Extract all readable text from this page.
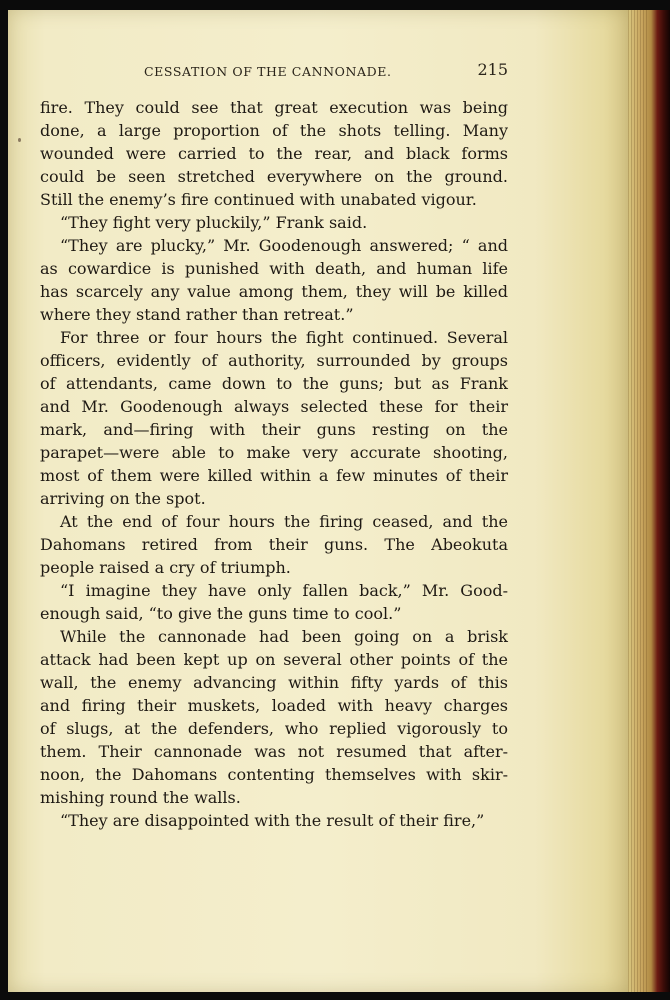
CESSATION OF THE CANNONADE.	215
fire. They could see that great execution was being
done, a large proportion of the shots telling. Many
wounded were carried to the rear, and black forms
could be seen stretched everywhere on the ground.
Still the enemy’s fire continued with unabated vigour.
“They fight very pluckily,” Frank said.
“They are plucky,” Mr. Goodenough answered; “ and
as cowardice is punished with death, and human life
has scarcely any value among them, they will be killed
where they stand rather than retreat.”
For three or four hours the fight continued. Several
officers, evidently of authority, surrounded by groups
of attendants, came down to the guns; but as Frank
and Mr. Goodenough always selected these for their
mark, and—firing with their guns resting on the
parapet—were able to make very accurate shooting,
most of them were killed within a few minutes of their
arriving on the spot.
At the end of four hours the firing ceased, and the
Dahomans retired from their guns. The Abeokuta
people raised a cry of triumph.
“I imagine they have only fallen back,” Mr. Good-
enough said, “to give the guns time to cool.”
While the cannonade had been going on a brisk
attack had been kept up on several other points of the
wall, the enemy advancing within fifty yards of this
and firing their muskets, loaded with heavy charges
of slugs, at the defenders, who replied vigorously to
them. Their cannonade was not resumed that after-
noon, the Dahomans contenting themselves with skir-
mishing round the walls.
“They are disappointed with the result of their fire,”
